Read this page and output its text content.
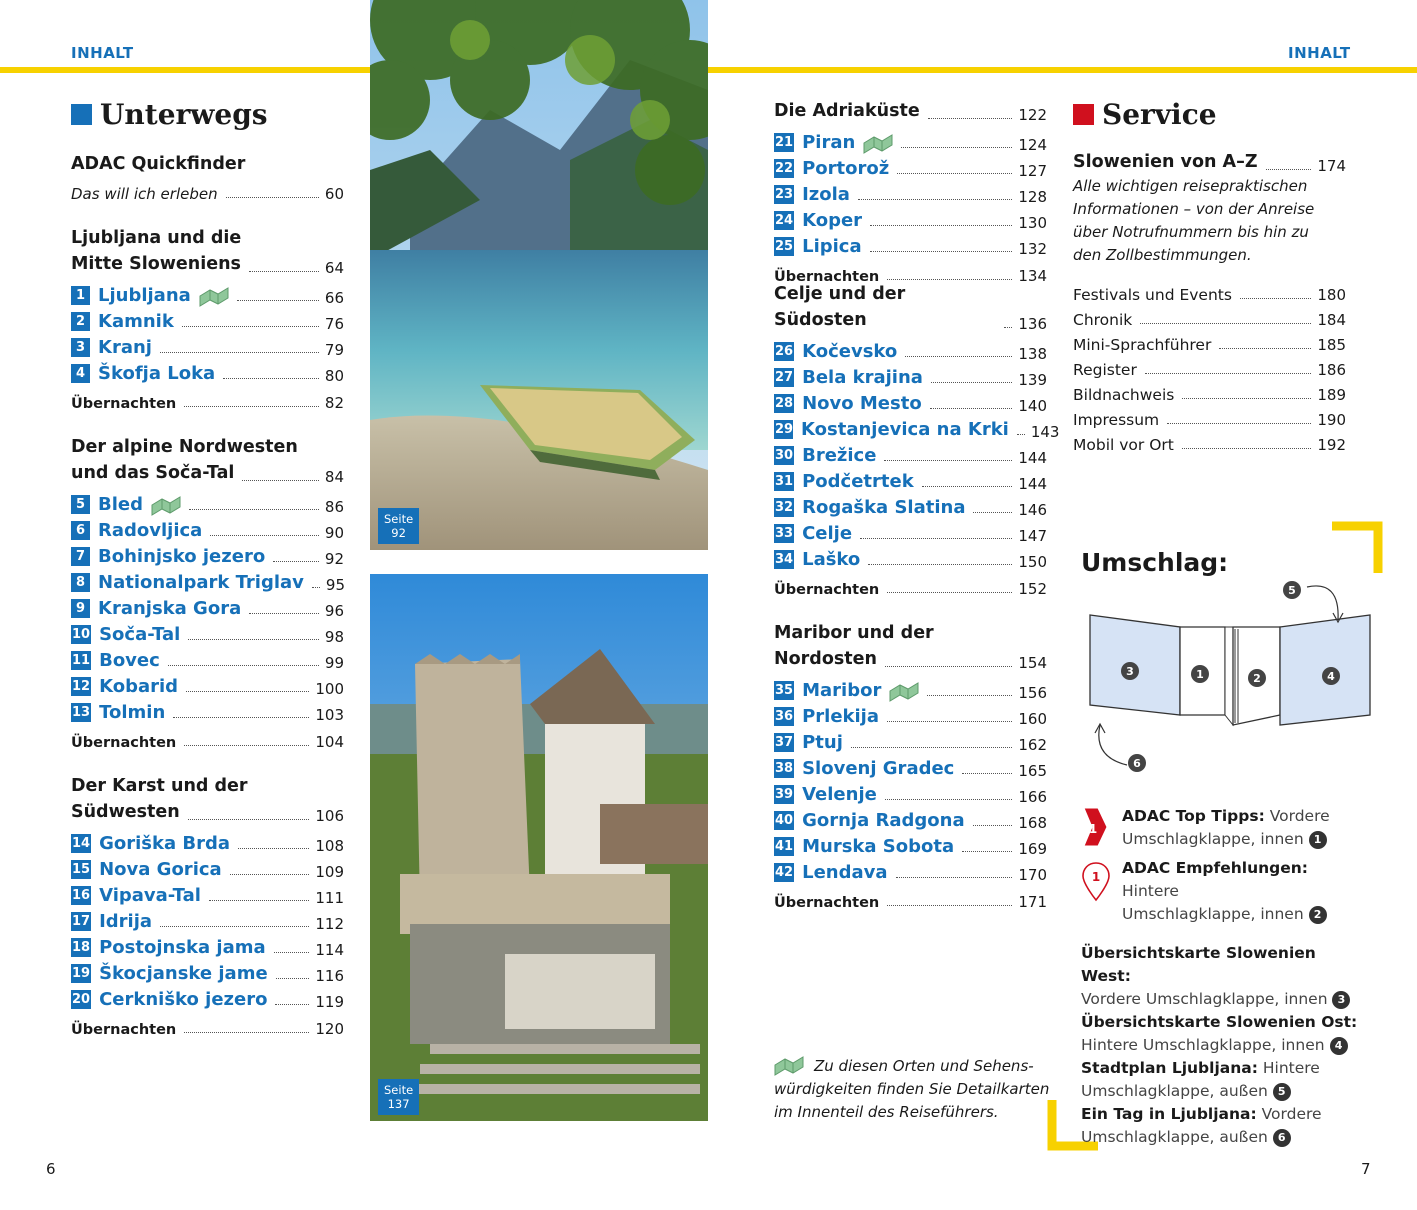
INHALT	INHALT
Unterwegs
ADAC Quickfinder
Das will ich erleben	60
Ljubljana und die
Mitte Sloweniens	64
1 Ljubljana	66
2 Kamnik	76
3 Kranj	79
4 Škofja Loka	80
Übernachten	82
Der alpine Nordwesten
und das Soča-Tal	84
5 Bled	86
6 Radovljica	90
7 Bohinjsko jezero	92
8 Nationalpark Triglav 95
9 Kranjska Gora	96
10 Soča-Tal	98
11 Bovec	99
12 Kobarid	100
13 Tolmin	103
Übernachten	104
Der Karst und der
Südwesten	106
14 Goriška Brda	108
15 Nova Gorica	109
16 Vipava-Tal	111
17 Idrija	112
18 Postojnska jama	114
19 Škocjanske jame	116
20 Cerkniško jezero	119
Übernachten	120
Seite
92
Seite
137
Die Adriaküste	122
21 Piran	124
22 Portorož	127
23 Izola	128
24 Koper	130
25 Lipica	132
Übernachten	134
Celje und der Südosten	136
26 Kočevsko	138
27 Bela krajina	139
28 Novo Mesto	140
29 Kostanjevica na Krki 143
30 Brežice	144
31 Podčetrtek	144
32 Rogaška Slatina	146
33 Celje	147
34 Laško	150
Übernachten	152
Maribor und der
Nordosten	154
35 Maribor	156
36 Prlekija	160
37 Ptuj	162
38 Slovenj Gradec	165
39 Velenje	166
40 Gornja Radgona	168
41 Murska Sobota	169
42 Lendava	170
Übernachten	171
Zu diesen Orten und Sehens-
würdigkeiten finden Sie Detailkarten
im Innenteil des Reiseführers.
Service
Slowenien von A–Z	174
Alle wichtigen reisepraktischen
Informationen – von der Anreise
über Notrufnummern bis hin zu
den Zollbestimmungen.
Festivals und Events	180
Chronik	184
Mini-Sprachführer	185
Register	186
Bildnachweis	189
Impressum	190
Mobil vor Ort	192
Umschlag:
3	1	2	4
5
6
1
ADAC Top Tipps: Vordere
Umschlagklappe, innen 1
1 ADAC Empfehlungen: Hintere
Umschlagklappe, innen 2
Übersichtskarte Slowenien West:
Vordere Umschlagklappe, innen 3
Übersichtskarte Slowenien Ost:
Hintere Umschlagklappe, innen 4
Stadtplan Ljubljana: Hintere
Umschlagklappe, außen 5
Ein Tag in Ljubljana: Vordere
Umschlagklappe, außen 6
6	7
